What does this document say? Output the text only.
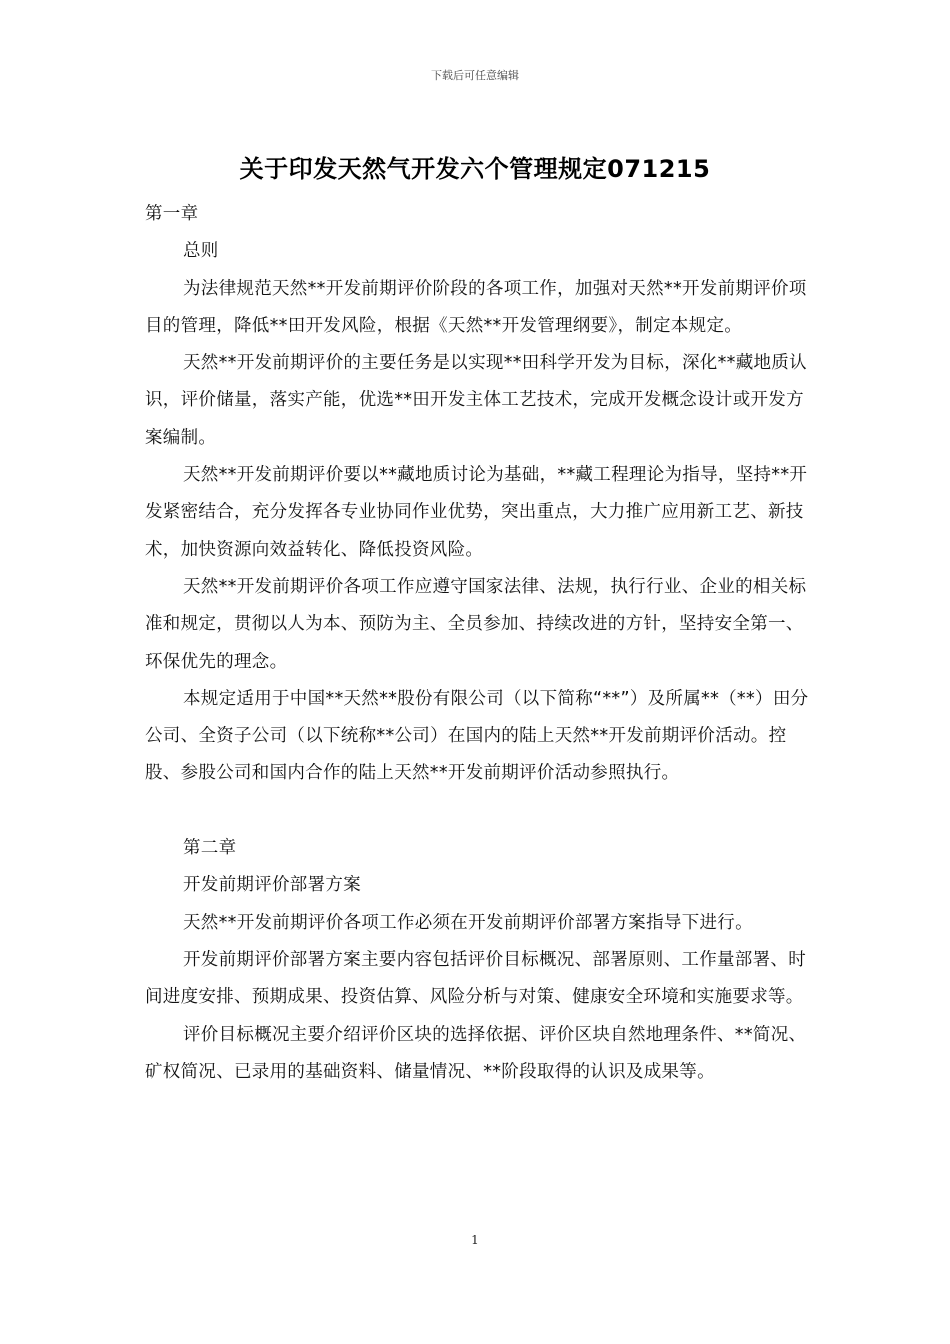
下载后可任意编辑
关于印发天然气开发六个管理规定071215

第一章

总则

为法律规范天然**开发前期评价阶段的各项工作，加强对天然**开发前期评价项目的管理，降低**田开发风险，根据《天然**开发管理纲要》，制定本规定。

天然**开发前期评价的主要任务是以实现**田科学开发为目标，深化**藏地质认识，评价储量，落实产能，优选**田开发主体工艺技术，完成开发概念设计或开发方案编制。

天然**开发前期评价要以**藏地质讨论为基础，**藏工程理论为指导，坚持**开发紧密结合，充分发挥各专业协同作业优势，突出重点，大力推广应用新工艺、新技术，加快资源向效益转化、降低投资风险。

天然**开发前期评价各项工作应遵守国家法律、法规，执行行业、企业的相关标准和规定，贯彻以人为本、预防为主、全员参加、持续改进的方针，坚持安全第一、环保优先的理念。

本规定适用于中国**天然**股份有限公司（以下简称“**”）及所属**（**）田分公司、全资子公司（以下统称**公司）在国内的陆上天然**开发前期评价活动。控股、参股公司和国内合作的陆上天然**开发前期评价活动参照执行。

第二章

开发前期评价部署方案

天然**开发前期评价各项工作必须在开发前期评价部署方案指导下进行。

开发前期评价部署方案主要内容包括评价目标概况、部署原则、工作量部署、时间进度安排、预期成果、投资估算、风险分析与对策、健康安全环境和实施要求等。

评价目标概况主要介绍评价区块的选择依据、评价区块自然地理条件、**简况、矿权简况、已录用的基础资料、储量情况、**阶段取得的认识及成果等。

1
